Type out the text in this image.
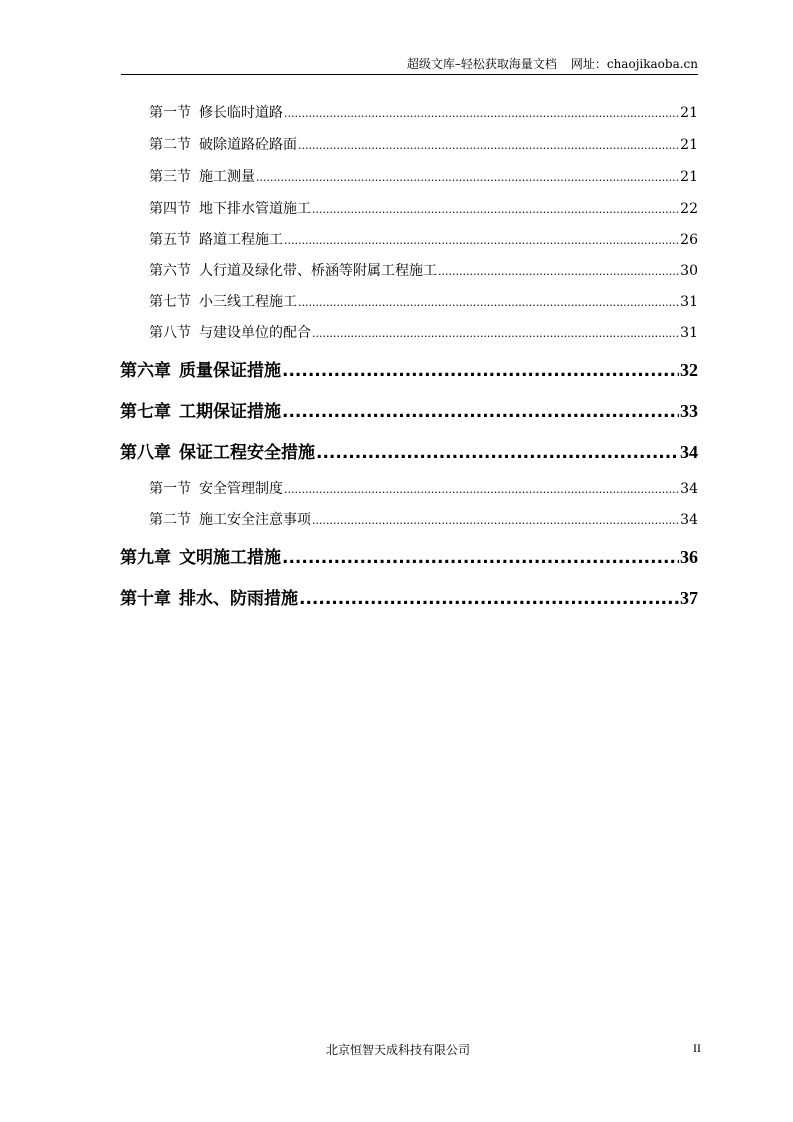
超级文库–轻松获取海量文档 网址：chaojikaoba.cn
第一节 修长临时道路 .....	21
第二节 破除道路砼路面 .....	21
第三节 施工测量 .....	21
第四节 地下排水管道施工 .....	22
第五节 路道工程施工 .....	26
第六节 人行道及绿化带、桥涵等附属工程施工 .....	30
第七节 小三线工程施工 .....	31
第八节 与建设单位的配合 .....	31
第六章 质量保证措施 .....	32
第七章 工期保证措施 .....	33
第八章 保证工程安全措施 .....	34
第一节 安全管理制度 .....	34
第二节 施工安全注意事项 .....	34
第九章 文明施工措施 .....	36
第十章 排水、防雨措施 .....	37
北京恒智天成科技有限公司	II
